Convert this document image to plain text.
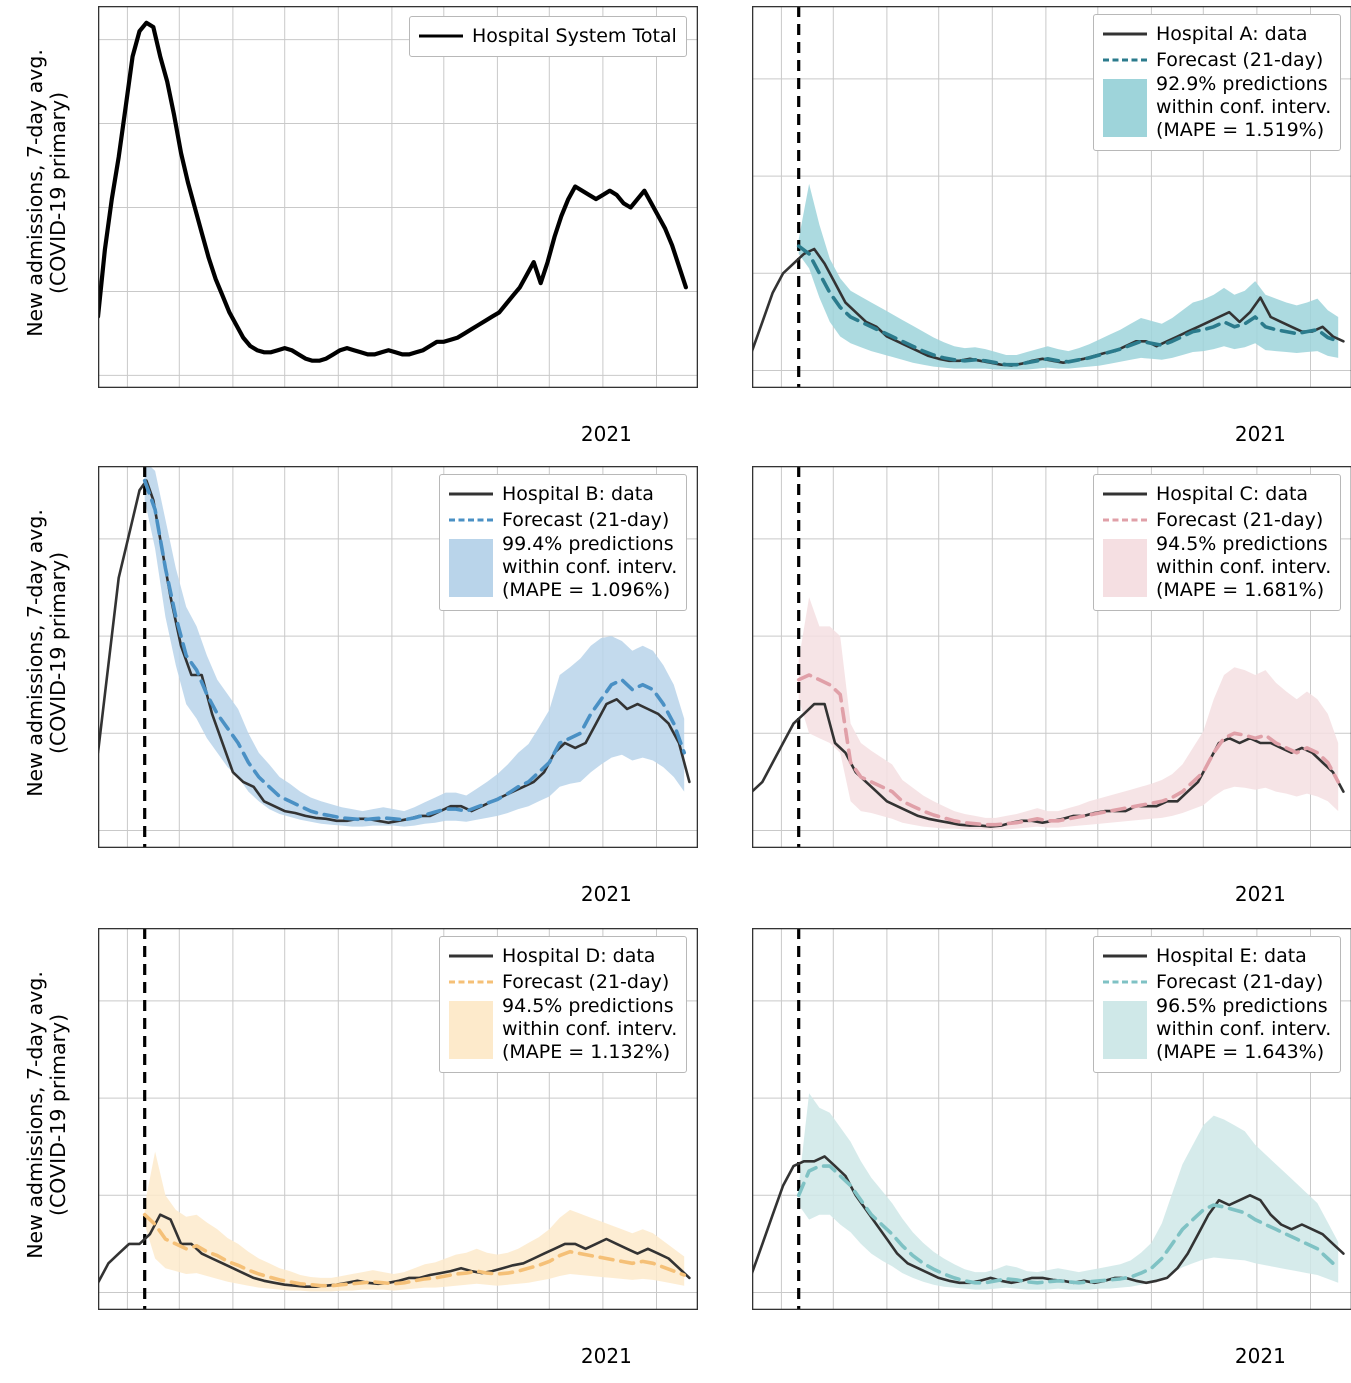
2021
Hospital System Total
2021
Hospital A: data
Forecast (21-day)
92.9% predictions
within conf. interv.
(MAPE = 1.519%)
2021
Hospital B: data
Forecast (21-day)
99.4% predictions
within conf. interv.
(MAPE = 1.096%)
2021
Hospital C: data
Forecast (21-day)
94.5% predictions
within conf. interv.
(MAPE = 1.681%)
2021
Hospital D: data
Forecast (21-day)
94.5% predictions
within conf. interv.
(MAPE = 1.132%)
2021
Hospital E: data
Forecast (21-day)
96.5% predictions
within conf. interv.
(MAPE = 1.643%)
New admissions, 7-day avg.
(COVID-19 primary)
New admissions, 7-day avg.
(COVID-19 primary)
New admissions, 7-day avg.
(COVID-19 primary)
